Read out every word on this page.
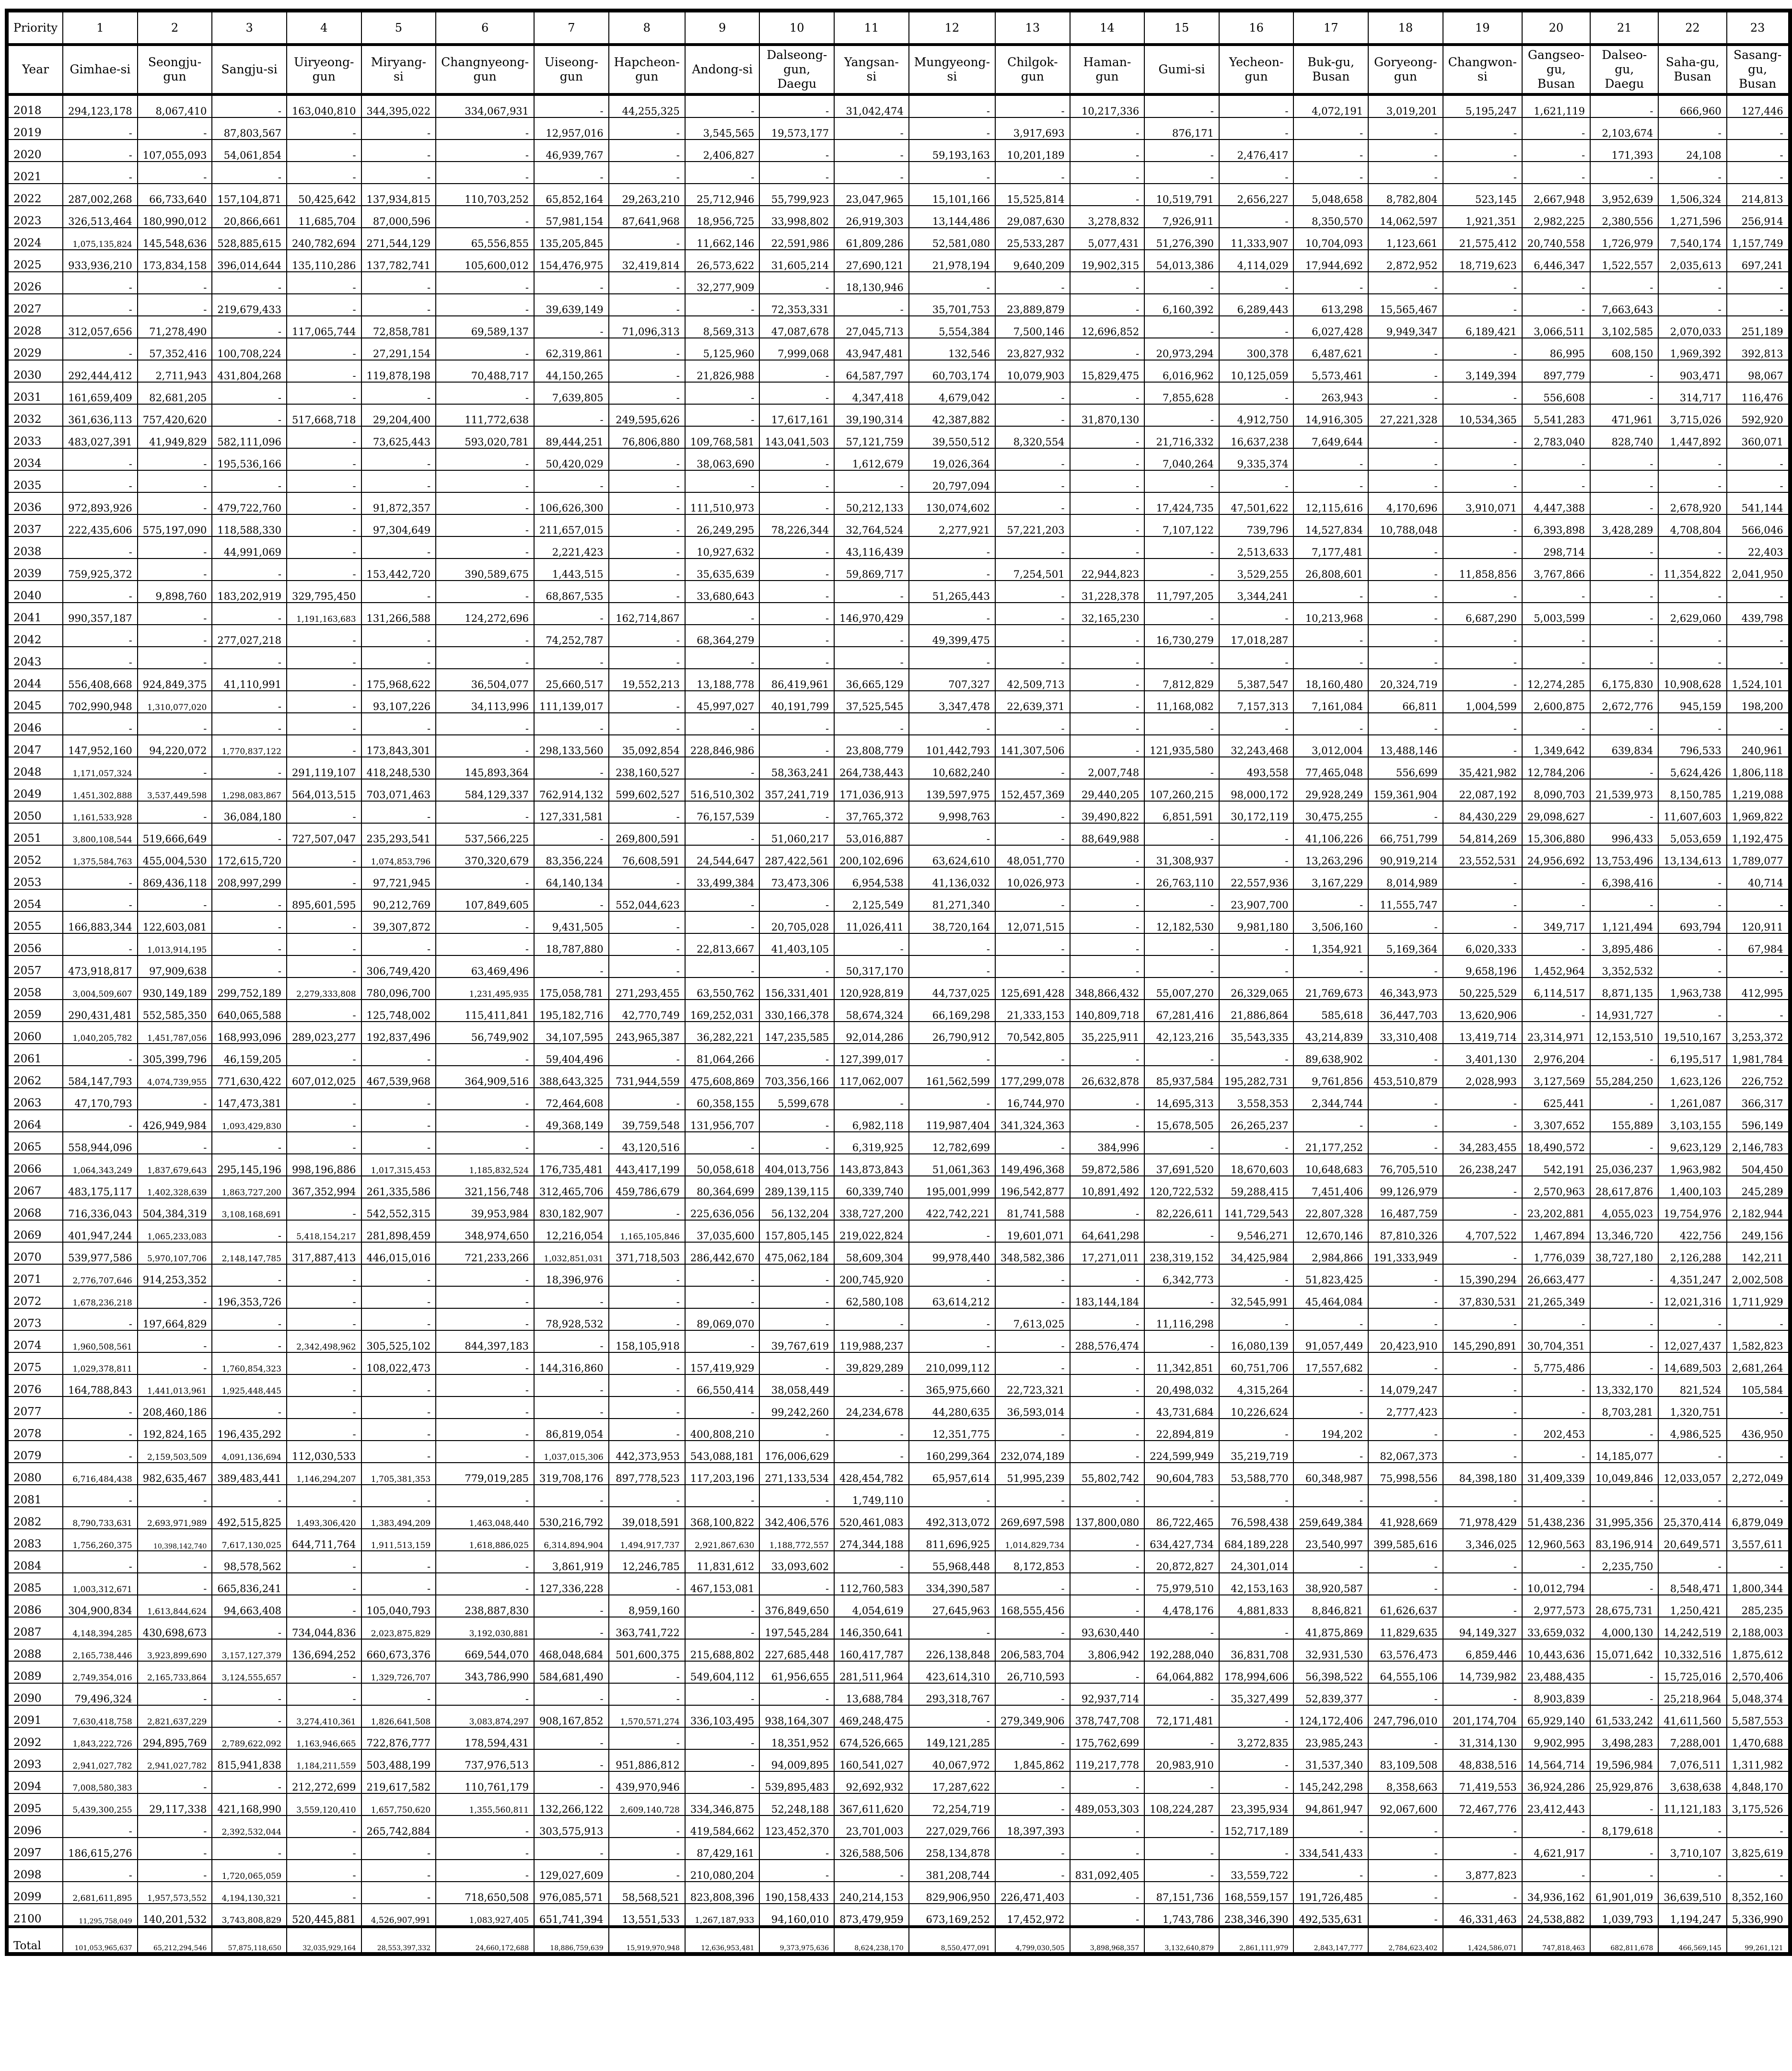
Priority	1	2	3	4	5	6	7	8	9	10	11	12	13	14	15	16	17	18	19	20	21	22	23
Year	Gimhae-si	Seongju-gun	Sangju-si	Uiryeong-gun	Miryang-si	Changnyeong-gun	Uiseong-gun	Hapcheon-gun	Andong-si	Dalseong-gun, Daegu	Yangsan-si	Mungyeong-si	Chilgok-gun	Haman-gun	Gumi-si	Yecheon-gun	Buk-gu, Busan	Goryeong-gun	Changwon-si	Gangseo-gu, Busan	Dalseo-gu, Daegu	Saha-gu, Busan	Sasang-gu, Busan
2018	294,123,178	8,067,410	-	163,040,810	344,395,022	334,067,931	-	44,255,325	-	-	31,042,474	-	-	10,217,336	-	-	4,072,191	3,019,201	5,195,247	1,621,119	-	666,960	127,446
2019	-	-	87,803,567	-	-	-	12,957,016	-	3,545,565	19,573,177	-	-	3,917,693	-	876,171	-	-	-	-	-	2,103,674	-	-
2020	-	107,055,093	54,061,854	-	-	-	46,939,767	-	2,406,827	-	-	59,193,163	10,201,189	-	-	2,476,417	-	-	-	-	171,393	24,108	-
2021	-	-	-	-	-	-	-	-	-	-	-	-	-	-	-	-	-	-	-	-	-	-	-
2022	287,002,268	66,733,640	157,104,871	50,425,642	137,934,815	110,703,252	65,852,164	29,263,210	25,712,946	55,799,923	23,047,965	15,101,166	15,525,814	-	10,519,791	2,656,227	5,048,658	8,782,804	523,145	2,667,948	3,952,639	1,506,324	214,813
2023	326,513,464	180,990,012	20,866,661	11,685,704	87,000,596	-	57,981,154	87,641,968	18,956,725	33,998,802	26,919,303	13,144,486	29,087,630	3,278,832	7,926,911	-	8,350,570	14,062,597	1,921,351	2,982,225	2,380,556	1,271,596	256,914
2024	1,075,135,824	145,548,636	528,885,615	240,782,694	271,544,129	65,556,855	135,205,845	-	11,662,146	22,591,986	61,809,286	52,581,080	25,533,287	5,077,431	51,276,390	11,333,907	10,704,093	1,123,661	21,575,412	20,740,558	1,726,979	7,540,174	1,157,749
2025	933,936,210	173,834,158	396,014,644	135,110,286	137,782,741	105,600,012	154,476,975	32,419,814	26,573,622	31,605,214	27,690,121	21,978,194	9,640,209	19,902,315	54,013,386	4,114,029	17,944,692	2,872,952	18,719,623	6,446,347	1,522,557	2,035,613	697,241
2026	-	-	-	-	-	-	-	-	32,277,909	-	18,130,946	-	-	-	-	-	-	-	-	-	-	-	-
2027	-	-	219,679,433	-	-	-	39,639,149	-	-	72,353,331	-	35,701,753	23,889,879	-	6,160,392	6,289,443	613,298	15,565,467	-	-	7,663,643	-	-
2028	312,057,656	71,278,490	-	117,065,744	72,858,781	69,589,137	-	71,096,313	8,569,313	47,087,678	27,045,713	5,554,384	7,500,146	12,696,852	-	-	6,027,428	9,949,347	6,189,421	3,066,511	3,102,585	2,070,033	251,189
2029	-	57,352,416	100,708,224	-	27,291,154	-	62,319,861	-	5,125,960	7,999,068	43,947,481	132,546	23,827,932	-	20,973,294	300,378	6,487,621	-	-	86,995	608,150	1,969,392	392,813
2030	292,444,412	2,711,943	431,804,268	-	119,878,198	70,488,717	44,150,265	-	21,826,988	-	64,587,797	60,703,174	10,079,903	15,829,475	6,016,962	10,125,059	5,573,461	-	3,149,394	897,779	-	903,471	98,067
2031	161,659,409	82,681,205	-	-	-	-	7,639,805	-	-	-	4,347,418	4,679,042	-	-	7,855,628	-	263,943	-	-	556,608	-	314,717	116,476
2032	361,636,113	757,420,620	-	517,668,718	29,204,400	111,772,638	-	249,595,626	-	17,617,161	39,190,314	42,387,882	-	31,870,130	-	4,912,750	14,916,305	27,221,328	10,534,365	5,541,283	471,961	3,715,026	592,920
2033	483,027,391	41,949,829	582,111,096	-	73,625,443	593,020,781	89,444,251	76,806,880	109,768,581	143,041,503	57,121,759	39,550,512	8,320,554	-	21,716,332	16,637,238	7,649,644	-	-	2,783,040	828,740	1,447,892	360,071
2034	-	-	195,536,166	-	-	-	50,420,029	-	38,063,690	-	1,612,679	19,026,364	-	-	7,040,264	9,335,374	-	-	-	-	-	-	-
2035	-	-	-	-	-	-	-	-	-	-	-	20,797,094	-	-	-	-	-	-	-	-	-	-	-
2036	972,893,926	-	479,722,760	-	91,872,357	-	106,626,300	-	111,510,973	-	50,212,133	130,074,602	-	-	17,424,735	47,501,622	12,115,616	4,170,696	3,910,071	4,447,388	-	2,678,920	541,144
2037	222,435,606	575,197,090	118,588,330	-	97,304,649	-	211,657,015	-	26,249,295	78,226,344	32,764,524	2,277,921	57,221,203	-	7,107,122	739,796	14,527,834	10,788,048	-	6,393,898	3,428,289	4,708,804	566,046
2038	-	-	44,991,069	-	-	-	2,221,423	-	10,927,632	-	43,116,439	-	-	-	-	2,513,633	7,177,481	-	-	298,714	-	-	22,403
2039	759,925,372	-	-	-	153,442,720	390,589,675	1,443,515	-	35,635,639	-	59,869,717	-	7,254,501	22,944,823	-	3,529,255	26,808,601	-	11,858,856	3,767,866	-	11,354,822	2,041,950
2040	-	9,898,760	183,202,919	329,795,450	-	-	68,867,535	-	33,680,643	-	-	51,265,443	-	31,228,378	11,797,205	3,344,241	-	-	-	-	-	-	-
2041	990,357,187	-	-	1,191,163,683	131,266,588	124,272,696	-	162,714,867	-	-	146,970,429	-	-	32,165,230	-	-	10,213,968	-	6,687,290	5,003,599	-	2,629,060	439,798
2042	-	-	277,027,218	-	-	-	74,252,787	-	68,364,279	-	-	49,399,475	-	-	16,730,279	17,018,287	-	-	-	-	-	-	-
2043	-	-	-	-	-	-	-	-	-	-	-	-	-	-	-	-	-	-	-	-	-	-	-
2044	556,408,668	924,849,375	41,110,991	-	175,968,622	36,504,077	25,660,517	19,552,213	13,188,778	86,419,961	36,665,129	707,327	42,509,713	-	7,812,829	5,387,547	18,160,480	20,324,719	-	12,274,285	6,175,830	10,908,628	1,524,101
2045	702,990,948	1,310,077,020	-	-	93,107,226	34,113,996	111,139,017	-	45,997,027	40,191,799	37,525,545	3,347,478	22,639,371	-	11,168,082	7,157,313	7,161,084	66,811	1,004,599	2,600,875	2,672,776	945,159	198,200
2046	-	-	-	-	-	-	-	-	-	-	-	-	-	-	-	-	-	-	-	-	-	-	-
2047	147,952,160	94,220,072	1,770,837,122	-	173,843,301	-	298,133,560	35,092,854	228,846,986	-	23,808,779	101,442,793	141,307,506	-	121,935,580	32,243,468	3,012,004	13,488,146	-	1,349,642	639,834	796,533	240,961
2048	1,171,057,324	-	-	291,119,107	418,248,530	145,893,364	-	238,160,527	-	58,363,241	264,738,443	10,682,240	-	2,007,748	-	493,558	77,465,048	556,699	35,421,982	12,784,206	-	5,624,426	1,806,118
2049	1,451,302,888	3,537,449,598	1,298,083,867	564,013,515	703,071,463	584,129,337	762,914,132	599,602,527	516,510,302	357,241,719	171,036,913	139,597,975	152,457,369	29,440,205	107,260,215	98,000,172	29,928,249	159,361,904	22,087,192	8,090,703	21,539,973	8,150,785	1,219,088
2050	1,161,533,928	-	36,084,180	-	-	-	127,331,581	-	76,157,539	-	37,765,372	9,998,763	-	39,490,822	6,851,591	30,172,119	30,475,255	-	84,430,229	29,098,627	-	11,607,603	1,969,822
2051	3,800,108,544	519,666,649	-	727,507,047	235,293,541	537,566,225	-	269,800,591	-	51,060,217	53,016,887	-	-	88,649,988	-	-	41,106,226	66,751,799	54,814,269	15,306,880	996,433	5,053,659	1,192,475
2052	1,375,584,763	455,004,530	172,615,720	-	1,074,853,796	370,320,679	83,356,224	76,608,591	24,544,647	287,422,561	200,102,696	63,624,610	48,051,770	-	31,308,937	-	13,263,296	90,919,214	23,552,531	24,956,692	13,753,496	13,134,613	1,789,077
2053	-	869,436,118	208,997,299	-	97,721,945	-	64,140,134	-	33,499,384	73,473,306	6,954,538	41,136,032	10,026,973	-	26,763,110	22,557,936	3,167,229	8,014,989	-	-	6,398,416	-	40,714
2054	-	-	-	895,601,595	90,212,769	107,849,605	-	552,044,623	-	-	2,125,549	81,271,340	-	-	-	23,907,700	-	11,555,747	-	-	-	-	-
2055	166,883,344	122,603,081	-	-	39,307,872	-	9,431,505	-	-	20,705,028	11,026,411	38,720,164	12,071,515	-	12,182,530	9,981,180	3,506,160	-	-	349,717	1,121,494	693,794	120,911
2056	-	1,013,914,195	-	-	-	-	18,787,880	-	22,813,667	41,403,105	-	-	-	-	-	-	1,354,921	5,169,364	6,020,333	-	3,895,486	-	67,984
2057	473,918,817	97,909,638	-	-	306,749,420	63,469,496	-	-	-	-	50,317,170	-	-	-	-	-	-	-	9,658,196	1,452,964	3,352,532	-	-
2058	3,004,509,607	930,149,189	299,752,189	2,279,333,808	780,096,700	1,231,495,935	175,058,781	271,293,455	63,550,762	156,331,401	120,928,819	44,737,025	125,691,428	348,866,432	55,007,270	26,329,065	21,769,673	46,343,973	50,225,529	6,114,517	8,871,135	1,963,738	412,995
2059	290,431,481	552,585,350	640,065,588	-	125,748,002	115,411,841	195,182,716	42,770,749	169,252,031	330,166,378	58,674,324	66,169,298	21,333,153	140,809,718	67,281,416	21,886,864	585,618	36,447,703	13,620,906	-	14,931,727	-	-
2060	1,040,205,782	1,451,787,056	168,993,096	289,023,277	192,837,496	56,749,902	34,107,595	243,965,387	36,282,221	147,235,585	92,014,286	26,790,912	70,542,805	35,225,911	42,123,216	35,543,335	43,214,839	33,310,408	13,419,714	23,314,971	12,153,510	19,510,167	3,253,372
2061	-	305,399,796	46,159,205	-	-	-	59,404,496	-	81,064,266	-	127,399,017	-	-	-	-	-	89,638,902	-	3,401,130	2,976,204	-	6,195,517	1,981,784
2062	584,147,793	4,074,739,955	771,630,422	607,012,025	467,539,968	364,909,516	388,643,325	731,944,559	475,608,869	703,356,166	117,062,007	161,562,599	177,299,078	26,632,878	85,937,584	195,282,731	9,761,856	453,510,879	2,028,993	3,127,569	55,284,250	1,623,126	226,752
2063	47,170,793	-	147,473,381	-	-	-	72,464,608	-	60,358,155	5,599,678	-	-	16,744,970	-	14,695,313	3,558,353	2,344,744	-	-	625,441	-	1,261,087	366,317
2064	-	426,949,984	1,093,429,830	-	-	-	49,368,149	39,759,548	131,956,707	-	6,982,118	119,987,404	341,324,363	-	15,678,505	26,265,237	-	-	-	3,307,652	155,889	3,103,155	596,149
2065	558,944,096	-	-	-	-	-	-	43,120,516	-	-	6,319,925	12,782,699	-	384,996	-	-	21,177,252	-	34,283,455	18,490,572	-	9,623,129	2,146,783
2066	1,064,343,249	1,837,679,643	295,145,196	998,196,886	1,017,315,453	1,185,832,524	176,735,481	443,417,199	50,058,618	404,013,756	143,873,843	51,061,363	149,496,368	59,872,586	37,691,520	18,670,603	10,648,683	76,705,510	26,238,247	542,191	25,036,237	1,963,982	504,450
2067	483,175,117	1,402,328,639	1,863,727,200	367,352,994	261,335,586	321,156,748	312,465,706	459,786,679	80,364,699	289,139,115	60,339,740	195,001,999	196,542,877	10,891,492	120,722,532	59,288,415	7,451,406	99,126,979	-	2,570,963	28,617,876	1,400,103	245,289
2068	716,336,043	504,384,319	3,108,168,691	-	542,552,315	39,953,984	830,182,907	-	225,636,056	56,132,204	338,727,200	422,742,221	81,741,588	-	82,226,611	141,729,543	22,807,328	16,487,759	-	23,202,881	4,055,023	19,754,976	2,182,944
2069	401,947,244	1,065,233,083	-	5,418,154,217	281,898,459	348,974,650	12,216,054	1,165,105,846	37,035,600	157,805,145	219,022,824	-	19,601,071	64,641,298	-	9,546,271	12,670,146	87,810,326	4,707,522	1,467,894	13,346,720	422,756	249,156
2070	539,977,586	5,970,107,706	2,148,147,785	317,887,413	446,015,016	721,233,266	1,032,851,031	371,718,503	286,442,670	475,062,184	58,609,304	99,978,440	348,582,386	17,271,011	238,319,152	34,425,984	2,984,866	191,333,949	-	1,776,039	38,727,180	2,126,288	142,211
2071	2,776,707,646	914,253,352	-	-	-	-	18,396,976	-	-	-	200,745,920	-	-	-	6,342,773	-	51,823,425	-	15,390,294	26,663,477	-	4,351,247	2,002,508
2072	1,678,236,218	-	196,353,726	-	-	-	-	-	-	-	62,580,108	63,614,212	-	183,144,184	-	32,545,991	45,464,084	-	37,830,531	21,265,349	-	12,021,316	1,711,929
2073	-	197,664,829	-	-	-	-	78,928,532	-	89,069,070	-	-	-	7,613,025	-	11,116,298	-	-	-	-	-	-	-	-
2074	1,960,508,561	-	-	2,342,498,962	305,525,102	844,397,183	-	158,105,918	-	39,767,619	119,988,237	-	-	288,576,474	-	16,080,139	91,057,449	20,423,910	145,290,891	30,704,351	-	12,027,437	1,582,823
2075	1,029,378,811	-	1,760,854,323	-	108,022,473	-	144,316,860	-	157,419,929	-	39,829,289	210,099,112	-	-	11,342,851	60,751,706	17,557,682	-	-	5,775,486	-	14,689,503	2,681,264
2076	164,788,843	1,441,013,961	1,925,448,445	-	-	-	-	-	66,550,414	38,058,449	-	365,975,660	22,723,321	-	20,498,032	4,315,264	-	14,079,247	-	-	13,332,170	821,524	105,584
2077	-	208,460,186	-	-	-	-	-	-	-	99,242,260	24,234,678	44,280,635	36,593,014	-	43,731,684	10,226,624	-	2,777,423	-	-	8,703,281	1,320,751	-
2078	-	192,824,165	196,435,292	-	-	-	86,819,054	-	400,808,210	-	-	12,351,775	-	-	22,894,819	-	194,202	-	-	202,453	-	4,986,525	436,950
2079	-	2,159,503,509	4,091,136,694	112,030,533	-	-	1,037,015,306	442,373,953	543,088,181	176,006,629	-	160,299,364	232,074,189	-	224,599,949	35,219,719	-	82,067,373	-	-	14,185,077	-	-
2080	6,716,484,438	982,635,467	389,483,441	1,146,294,207	1,705,381,353	779,019,285	319,708,176	897,778,523	117,203,196	271,133,534	428,454,782	65,957,614	51,995,239	55,802,742	90,604,783	53,588,770	60,348,987	75,998,556	84,398,180	31,409,339	10,049,846	12,033,057	2,272,049
2081	-	-	-	-	-	-	-	-	-	-	1,749,110	-	-	-	-	-	-	-	-	-	-	-	-
2082	8,790,733,631	2,693,971,989	492,515,825	1,493,306,420	1,383,494,209	1,463,048,440	530,216,792	39,018,591	368,100,822	342,406,576	520,461,083	492,313,072	269,697,598	137,800,080	86,722,465	76,598,438	259,649,384	41,928,669	71,978,429	51,438,236	31,995,356	25,370,414	6,879,049
2083	1,756,260,375	10,398,142,740	7,617,130,025	644,711,764	1,911,513,159	1,618,886,025	6,314,894,904	1,494,917,737	2,921,867,630	1,188,772,557	274,344,188	811,696,925	1,014,829,734	-	634,427,734	684,189,228	23,540,997	399,585,616	3,346,025	12,960,563	83,196,914	20,649,571	3,557,611
2084	-	-	98,578,562	-	-	-	3,861,919	12,246,785	11,831,612	33,093,602	-	55,968,448	8,172,853	-	20,872,827	24,301,014	-	-	-	-	2,235,750	-	-
2085	1,003,312,671	-	665,836,241	-	-	-	127,336,228	-	467,153,081	-	112,760,583	334,390,587	-	-	75,979,510	42,153,163	38,920,587	-	-	10,012,794	-	8,548,471	1,800,344
2086	304,900,834	1,613,844,624	94,663,408	-	105,040,793	238,887,830	-	8,959,160	-	376,849,650	4,054,619	27,645,963	168,555,456	-	4,478,176	4,881,833	8,846,821	61,626,637	-	2,977,573	28,675,731	1,250,421	285,235
2087	4,148,394,285	430,698,673	-	734,044,836	2,023,875,829	3,192,030,881	-	363,741,722	-	197,545,284	146,350,641	-	-	93,630,440	-	-	41,875,869	11,829,635	94,149,327	33,659,032	4,000,130	14,242,519	2,188,003
2088	2,165,738,446	3,923,899,690	3,157,127,379	136,694,252	660,673,376	669,544,070	468,048,684	501,600,375	215,688,802	227,685,448	160,417,787	226,138,848	206,583,704	3,806,942	192,288,040	36,831,708	32,931,530	63,576,473	6,859,446	10,443,636	15,071,642	10,332,516	1,875,612
2089	2,749,354,016	2,165,733,864	3,124,555,657	-	1,329,726,707	343,786,990	584,681,490	-	549,604,112	61,956,655	281,511,964	423,614,310	26,710,593	-	64,064,882	178,994,606	56,398,522	64,555,106	14,739,982	23,488,435	-	15,725,016	2,570,406
2090	79,496,324	-	-	-	-	-	-	-	-	-	13,688,784	293,318,767	-	92,937,714	-	35,327,499	52,839,377	-	-	8,903,839	-	25,218,964	5,048,374
2091	7,630,418,758	2,821,637,229	-	3,274,410,361	1,826,641,508	3,083,874,297	908,167,852	1,570,571,274	336,103,495	938,164,307	469,248,475	-	279,349,906	378,747,708	72,171,481	-	124,172,406	247,796,010	201,174,704	65,929,140	61,533,242	41,611,560	5,587,553
2092	1,843,222,726	294,895,769	2,789,622,092	1,163,946,665	722,876,777	178,594,431	-	-	-	18,351,952	674,526,665	149,121,285	-	175,762,699	-	3,272,835	23,985,243	-	31,314,130	9,902,995	3,498,283	7,288,001	1,470,688
2093	2,941,027,782	2,941,027,782	815,941,838	1,184,211,559	503,488,199	737,976,513	-	951,886,812	-	94,009,895	160,541,027	40,067,972	1,845,862	119,217,778	20,983,910	-	31,537,340	83,109,508	48,838,516	14,564,714	19,596,984	7,076,511	1,311,982
2094	7,008,580,383	-	-	212,272,699	219,617,582	110,761,179	-	439,970,946	-	539,895,483	92,692,932	17,287,622	-	-	-	-	145,242,298	8,358,663	71,419,553	36,924,286	25,929,876	3,638,638	4,848,170
2095	5,439,300,255	29,117,338	421,168,990	3,559,120,410	1,657,750,620	1,355,560,811	132,266,122	2,609,140,728	334,346,875	52,248,188	367,611,620	72,254,719	-	489,053,303	108,224,287	23,395,934	94,861,947	92,067,600	72,467,776	23,412,443	-	11,121,183	3,175,526
2096	-	-	2,392,532,044	-	265,742,884	-	303,575,913	-	419,584,662	123,452,370	23,701,003	227,029,766	18,397,393	-	-	152,717,189	-	-	-	-	8,179,618	-	-
2097	186,615,276	-	-	-	-	-	-	-	87,429,161	-	326,588,506	258,134,878	-	-	-	-	334,541,433	-	-	4,621,917	-	3,710,107	3,825,619
2098	-	-	1,720,065,059	-	-	-	129,027,609	-	210,080,204	-	-	381,208,744	-	831,092,405	-	33,559,722	-	-	3,877,823	-	-	-	-
2099	2,681,611,895	1,957,573,552	4,194,130,321	-	-	718,650,508	976,085,571	58,568,521	823,808,396	190,158,433	240,214,153	829,906,950	226,471,403	-	87,151,736	168,559,157	191,726,485	-	-	34,936,162	61,901,019	36,639,510	8,352,160
2100	11,295,758,049	140,201,532	3,743,808,829	520,445,881	4,526,907,991	1,083,927,405	651,741,394	13,551,533	1,267,187,933	94,160,010	873,479,959	673,169,252	17,452,972	-	1,743,786	238,346,390	492,535,631	-	46,331,463	24,538,882	1,039,793	1,194,247	5,336,990
Total	101,053,965,637	65,212,294,546	57,875,118,650	32,035,929,164	28,553,397,332	24,660,172,688	18,886,759,639	15,919,970,948	12,636,953,481	9,373,975,636	8,624,238,170	8,550,477,091	4,799,030,505	3,898,968,357	3,132,640,879	2,861,111,979	2,843,147,777	2,784,623,402	1,424,586,071	747,818,463	682,811,678	466,569,145	99,261,121
